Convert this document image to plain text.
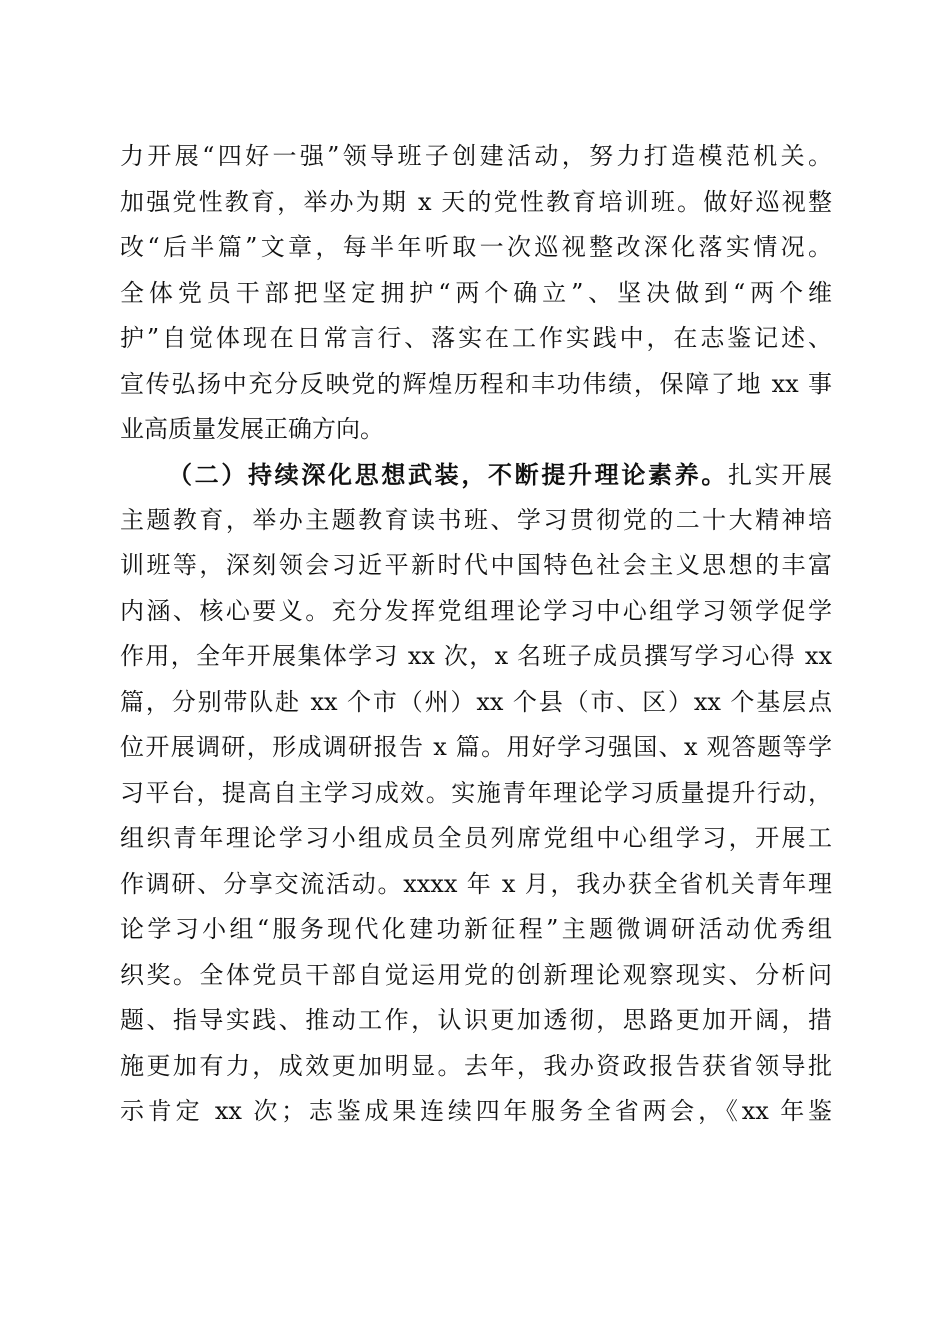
力开展“四好一强”领导班子创建活动，努力打造模范机关。
加强党性教育，举办为期 x 天的党性教育培训班。做好巡视整
改“后半篇”文章，每半年听取一次巡视整改深化落实情况。
全体党员干部把坚定拥护“两个确立”、坚决做到“两个维
护”自觉体现在日常言行、落实在工作实践中，在志鉴记述、
宣传弘扬中充分反映党的辉煌历程和丰功伟绩，保障了地 xx 事
业高质量发展正确方向。
（二）持续深化思想武装，不断提升理论素养。扎实开展
主题教育，举办主题教育读书班、学习贯彻党的二十大精神培
训班等，深刻领会习近平新时代中国特色社会主义思想的丰富
内涵、核心要义。充分发挥党组理论学习中心组学习领学促学
作用，全年开展集体学习 xx 次，x 名班子成员撰写学习心得 xx
篇，分别带队赴 xx 个市（州）xx 个县（市、区）xx 个基层点
位开展调研，形成调研报告 x 篇。用好学习强国、x 观答题等学
习平台，提高自主学习成效。实施青年理论学习质量提升行动，
组织青年理论学习小组成员全员列席党组中心组学习，开展工
作调研、分享交流活动。xxxx 年 x 月，我办获全省机关青年理
论学习小组“服务现代化建功新征程”主题微调研活动优秀组
织奖。全体党员干部自觉运用党的创新理论观察现实、分析问
题、指导实践、推动工作，认识更加透彻，思路更加开阔，措
施更加有力，成效更加明显。去年，我办资政报告获省领导批
示肯定 xx 次；志鉴成果连续四年服务全省两会，《xx 年鉴
